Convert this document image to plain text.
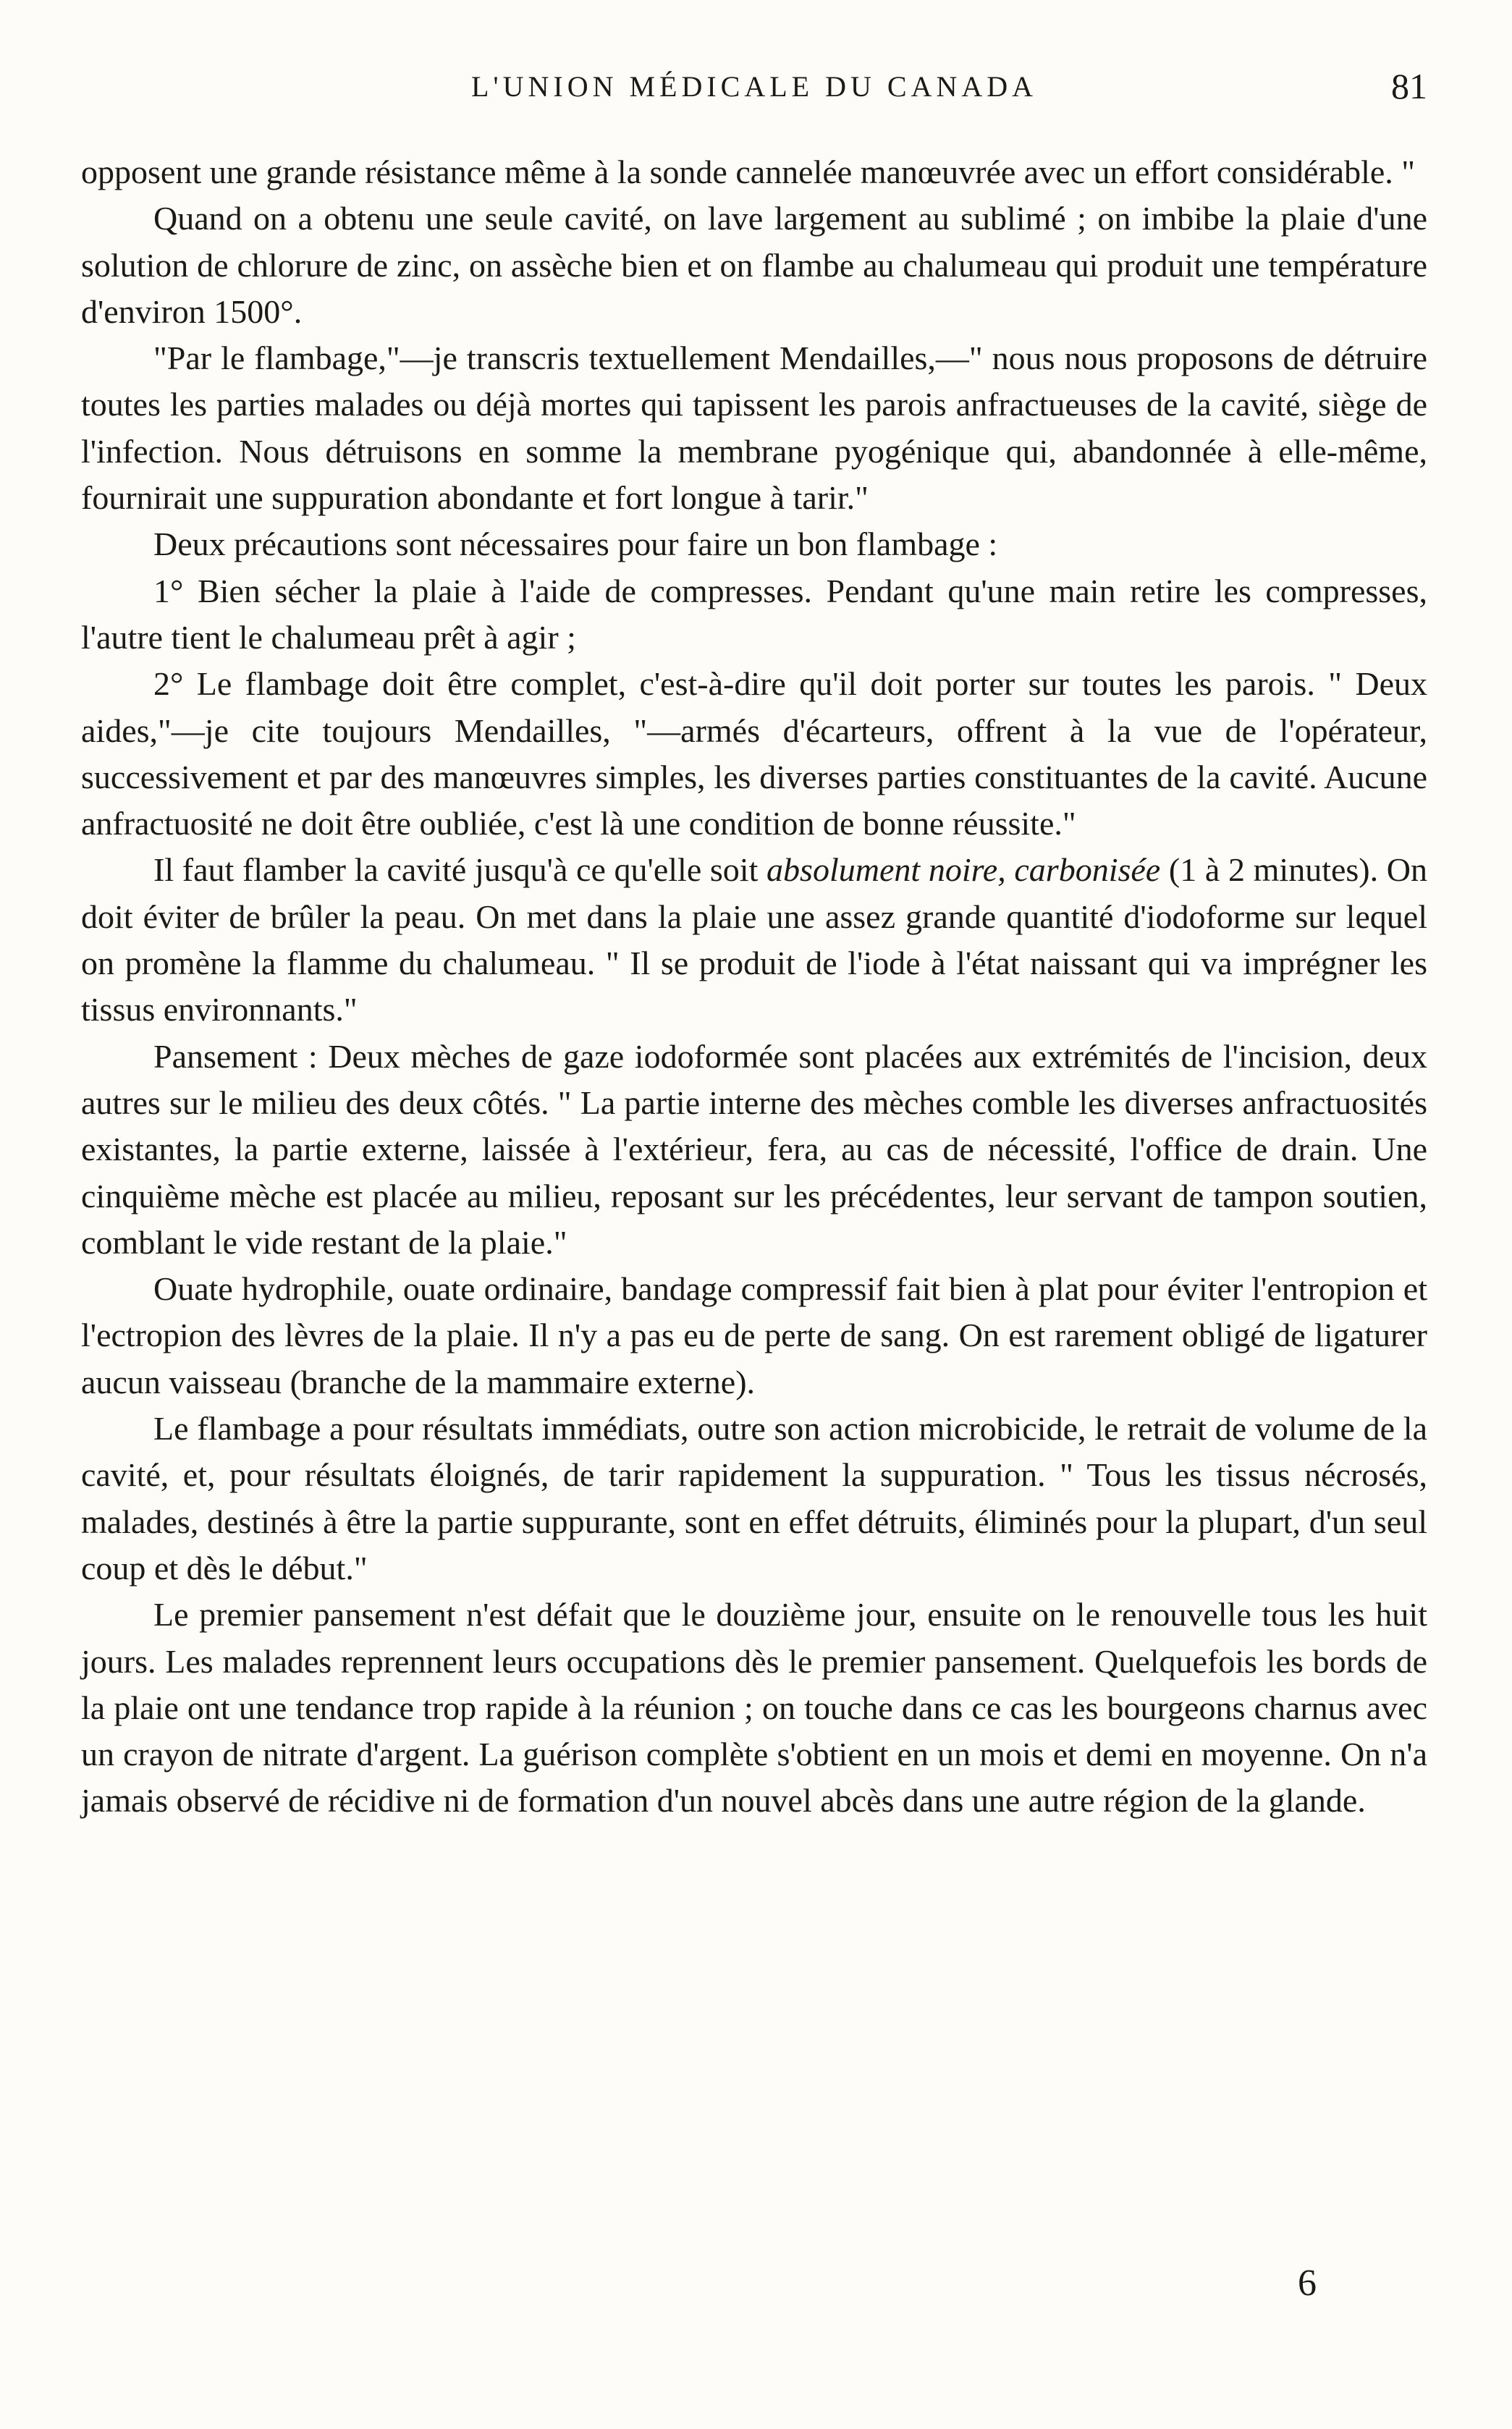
L'UNION MÉDICALE DU CANADA	81

opposent une grande résistance même à la sonde cannelée manœuvrée avec un effort considérable. "

Quand on a obtenu une seule cavité, on lave largement au sublimé ; on imbibe la plaie d'une solution de chlorure de zinc, on assèche bien et on flambe au chalumeau qui produit une température d'environ 1500°.

"Par le flambage,"—je transcris textuellement Mendailles,—" nous nous proposons de détruire toutes les parties malades ou déjà mortes qui tapissent les parois anfractueuses de la cavité, siège de l'infection. Nous détruisons en somme la membrane pyogénique qui, abandonnée à elle-même, fournirait une suppuration abondante et fort longue à tarir."

Deux précautions sont nécessaires pour faire un bon flambage :

1° Bien sécher la plaie à l'aide de compresses. Pendant qu'une main retire les compresses, l'autre tient le chalumeau prêt à agir ;

2° Le flambage doit être complet, c'est-à-dire qu'il doit porter sur toutes les parois. " Deux aides,"—je cite toujours Mendailles, "—armés d'écarteurs, offrent à la vue de l'opérateur, successivement et par des manœuvres simples, les diverses parties constituantes de la cavité. Aucune anfractuosité ne doit être oubliée, c'est là une condition de bonne réussite."

Il faut flamber la cavité jusqu'à ce qu'elle soit absolument noire, carbonisée (1 à 2 minutes). On doit éviter de brûler la peau. On met dans la plaie une assez grande quantité d'iodoforme sur lequel on promène la flamme du chalumeau. " Il se produit de l'iode à l'état naissant qui va imprégner les tissus environnants."

Pansement : Deux mèches de gaze iodoformée sont placées aux extrémités de l'incision, deux autres sur le milieu des deux côtés. " La partie interne des mèches comble les diverses anfractuosités existantes, la partie externe, laissée à l'extérieur, fera, au cas de nécessité, l'office de drain. Une cinquième mèche est placée au milieu, reposant sur les précédentes, leur servant de tampon soutien, comblant le vide restant de la plaie."

Ouate hydrophile, ouate ordinaire, bandage compressif fait bien à plat pour éviter l'entropion et l'ectropion des lèvres de la plaie. Il n'y a pas eu de perte de sang. On est rarement obligé de ligaturer aucun vaisseau (branche de la mammaire externe).

Le flambage a pour résultats immédiats, outre son action microbicide, le retrait de volume de la cavité, et, pour résultats éloignés, de tarir rapidement la suppuration. " Tous les tissus nécrosés, malades, destinés à être la partie suppurante, sont en effet détruits, éliminés pour la plupart, d'un seul coup et dès le début."

Le premier pansement n'est défait que le douzième jour, ensuite on le renouvelle tous les huit jours. Les malades reprennent leurs occupations dès le premier pansement. Quelquefois les bords de la plaie ont une tendance trop rapide à la réunion ; on touche dans ce cas les bourgeons charnus avec un crayon de nitrate d'argent. La guérison complète s'obtient en un mois et demi en moyenne. On n'a jamais observé de récidive ni de formation d'un nouvel abcès dans une autre région de la glande.

6
